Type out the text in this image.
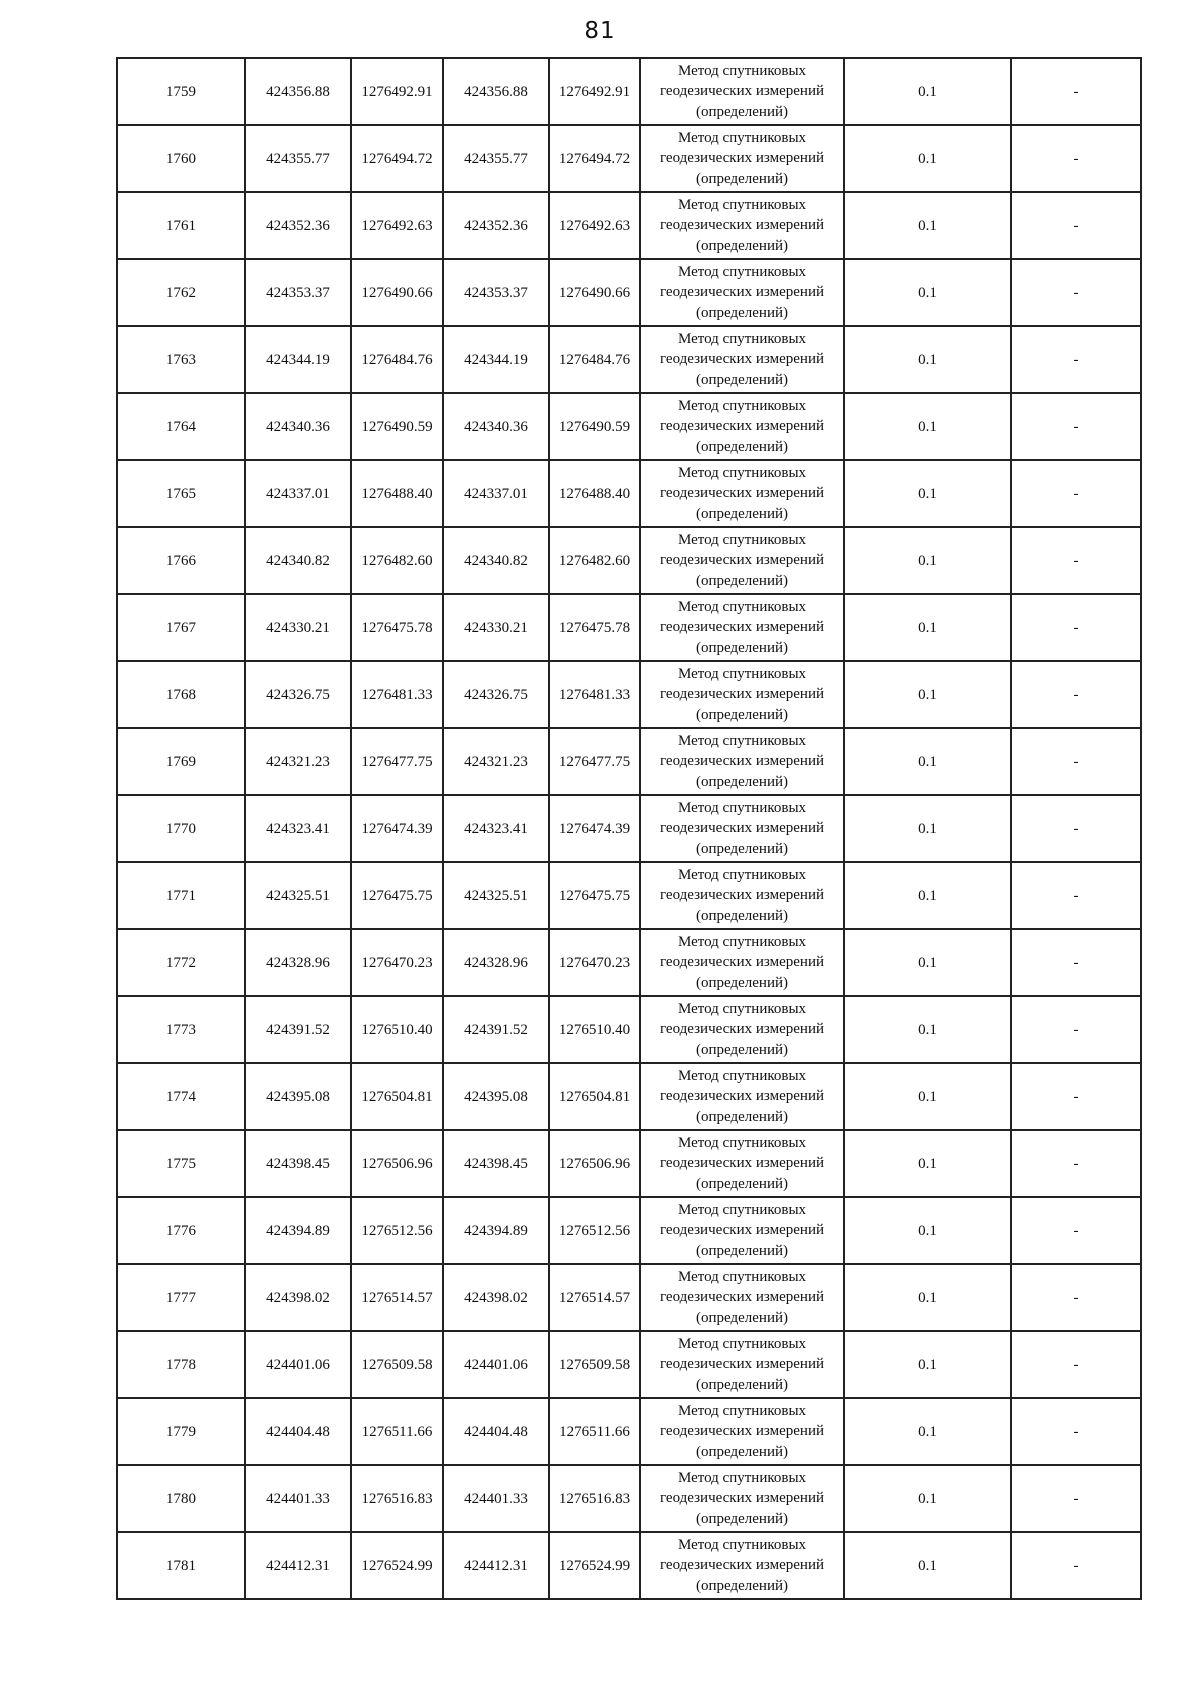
81
1759	424356.88	1276492.91	424356.88	1276492.91	Метод спутниковых
геодезических измерений
(определений)	0.1	-
1760	424355.77	1276494.72	424355.77	1276494.72	Метод спутниковых
геодезических измерений
(определений)	0.1	-
1761	424352.36	1276492.63	424352.36	1276492.63	Метод спутниковых
геодезических измерений
(определений)	0.1	-
1762	424353.37	1276490.66	424353.37	1276490.66	Метод спутниковых
геодезических измерений
(определений)	0.1	-
1763	424344.19	1276484.76	424344.19	1276484.76	Метод спутниковых
геодезических измерений
(определений)	0.1	-
1764	424340.36	1276490.59	424340.36	1276490.59	Метод спутниковых
геодезических измерений
(определений)	0.1	-
1765	424337.01	1276488.40	424337.01	1276488.40	Метод спутниковых
геодезических измерений
(определений)	0.1	-
1766	424340.82	1276482.60	424340.82	1276482.60	Метод спутниковых
геодезических измерений
(определений)	0.1	-
1767	424330.21	1276475.78	424330.21	1276475.78	Метод спутниковых
геодезических измерений
(определений)	0.1	-
1768	424326.75	1276481.33	424326.75	1276481.33	Метод спутниковых
геодезических измерений
(определений)	0.1	-
1769	424321.23	1276477.75	424321.23	1276477.75	Метод спутниковых
геодезических измерений
(определений)	0.1	-
1770	424323.41	1276474.39	424323.41	1276474.39	Метод спутниковых
геодезических измерений
(определений)	0.1	-
1771	424325.51	1276475.75	424325.51	1276475.75	Метод спутниковых
геодезических измерений
(определений)	0.1	-
1772	424328.96	1276470.23	424328.96	1276470.23	Метод спутниковых
геодезических измерений
(определений)	0.1	-
1773	424391.52	1276510.40	424391.52	1276510.40	Метод спутниковых
геодезических измерений
(определений)	0.1	-
1774	424395.08	1276504.81	424395.08	1276504.81	Метод спутниковых
геодезических измерений
(определений)	0.1	-
1775	424398.45	1276506.96	424398.45	1276506.96	Метод спутниковых
геодезических измерений
(определений)	0.1	-
1776	424394.89	1276512.56	424394.89	1276512.56	Метод спутниковых
геодезических измерений
(определений)	0.1	-
1777	424398.02	1276514.57	424398.02	1276514.57	Метод спутниковых
геодезических измерений
(определений)	0.1	-
1778	424401.06	1276509.58	424401.06	1276509.58	Метод спутниковых
геодезических измерений
(определений)	0.1	-
1779	424404.48	1276511.66	424404.48	1276511.66	Метод спутниковых
геодезических измерений
(определений)	0.1	-
1780	424401.33	1276516.83	424401.33	1276516.83	Метод спутниковых
геодезических измерений
(определений)	0.1	-
1781	424412.31	1276524.99	424412.31	1276524.99	Метод спутниковых
геодезических измерений
(определений)	0.1	-
